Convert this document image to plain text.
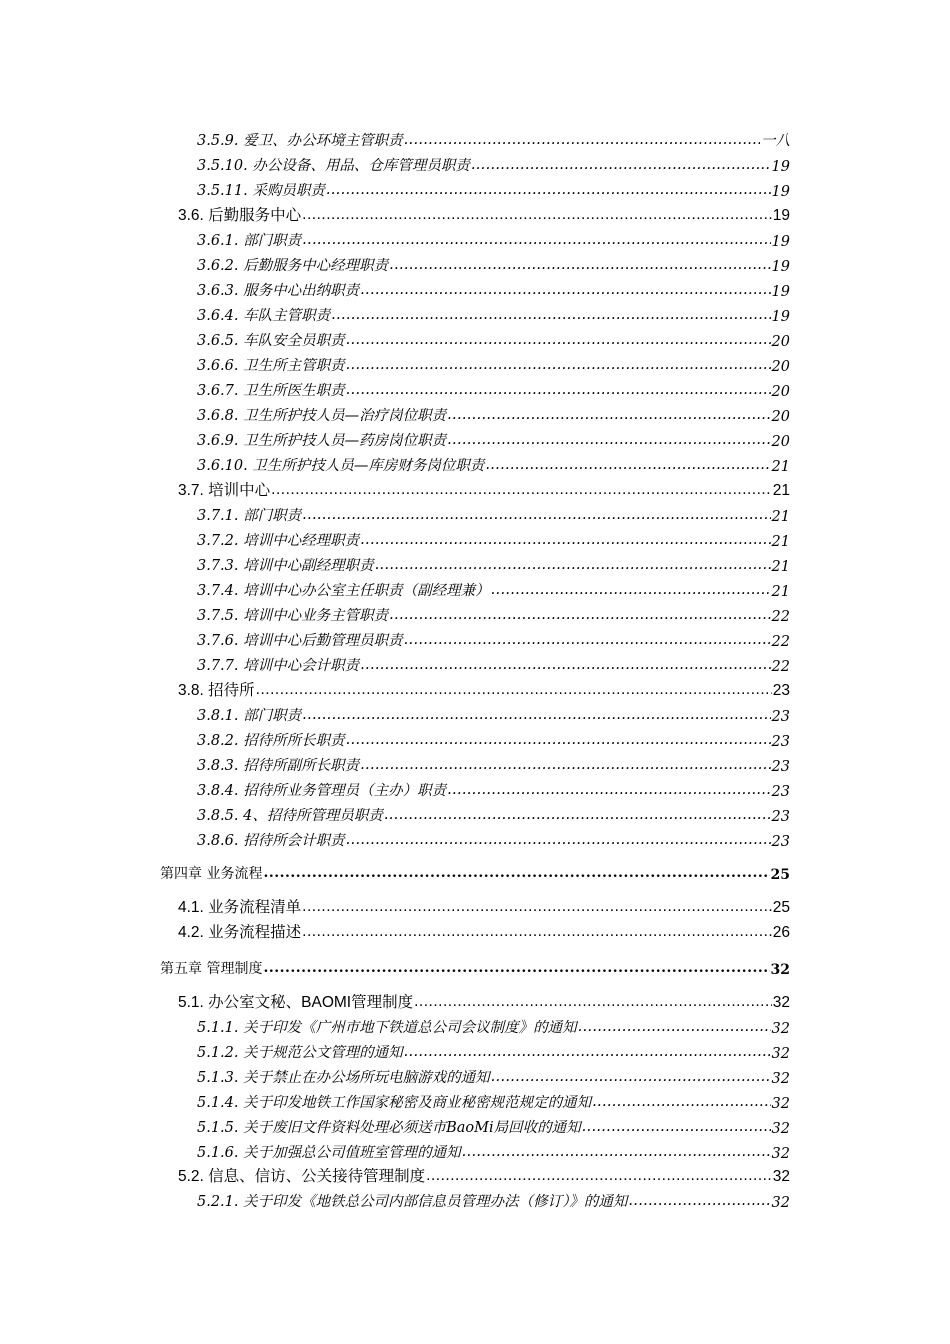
3.5.9. 爱卫、办公环境主管职责 .....	一八
3.5.10. 办公设备、用品、仓库管理员职责 .....	19
3.5.11. 采购员职责 .....	19
3.6. 后勤服务中心 .....	19
3.6.1. 部门职责 .....	19
3.6.2. 后勤服务中心经理职责 .....	19
3.6.3. 服务中心出纳职责 .....	19
3.6.4. 车队主管职责 .....	19
3.6.5. 车队安全员职责 .....	20
3.6.6. 卫生所主管职责 .....	20
3.6.7. 卫生所医生职责 .....	20
3.6.8. 卫生所护技人员—治疗岗位职责 .....	20
3.6.9. 卫生所护技人员—药房岗位职责 .....	20
3.6.10. 卫生所护技人员—库房财务岗位职责 .....	21
3.7. 培训中心 .....	21
3.7.1. 部门职责 .....	21
3.7.2. 培训中心经理职责 .....	21
3.7.3. 培训中心副经理职责 .....	21
3.7.4. 培训中心办公室主任职责（副经理兼） .....	21
3.7.5. 培训中心业务主管职责 .....	22
3.7.6. 培训中心后勤管理员职责 .....	22
3.7.7. 培训中心会计职责 .....	22
3.8. 招待所 .....	23
3.8.1. 部门职责 .....	23
3.8.2. 招待所所长职责 .....	23
3.8.3. 招待所副所长职责 .....	23
3.8.4. 招待所业务管理员（主办）职责 .....	23
3.8.5. 4、招待所管理员职责 .....	23
3.8.6. 招待所会计职责 .....	23
第四章 业务流程 .....	25
4.1. 业务流程清单 .....	25
4.2. 业务流程描述 .....	26
第五章 管理制度 .....	32
5.1. 办公室文秘、BAOMI管理制度 .....	32
5.1.1. 关于印发《广州市地下铁道总公司会议制度》的通知 .....	32
5.1.2. 关于规范公文管理的通知 .....	32
5.1.3. 关于禁止在办公场所玩电脑游戏的通知 .....	32
5.1.4. 关于印发地铁工作国家秘密及商业秘密规范规定的通知 .....	32
5.1.5. 关于废旧文件资料处理必须送市BaoMi局回收的通知 .....	32
5.1.6. 关于加强总公司值班室管理的通知 .....	32
5.2. 信息、信访、公关接待管理制度 .....	32
5.2.1. 关于印发《地铁总公司内部信息员管理办法（修订）》的通知 .....	32
